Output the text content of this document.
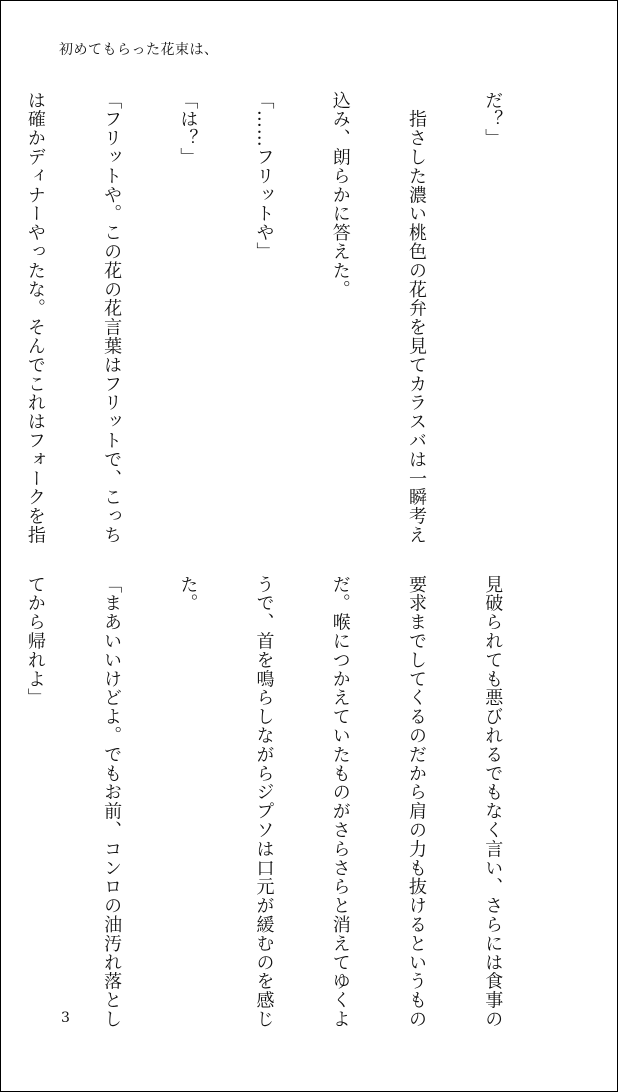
初めてもらった花束は、

だ？」

　指さした濃い桃色の花弁を見てカラスバは一瞬考え

込み、朗らかに答えた。

「……フリットや」

「は？」

「フリットや。この花の花言葉はフリットで、こっち

は確かディナーやったな。そんでこれはフォークを指

見破られても悪びれるでもなく言い、さらには食事の

要求までしてくるのだから肩の力も抜けるというもの

だ。喉につかえていたものがさらさらと消えてゆくよ

うで、首を鳴らしながらジプソは口元が緩むのを感じ

た。

「まあいいけどよ。でもお前、コンロの油汚れ落とし

てから帰れよ」

3
